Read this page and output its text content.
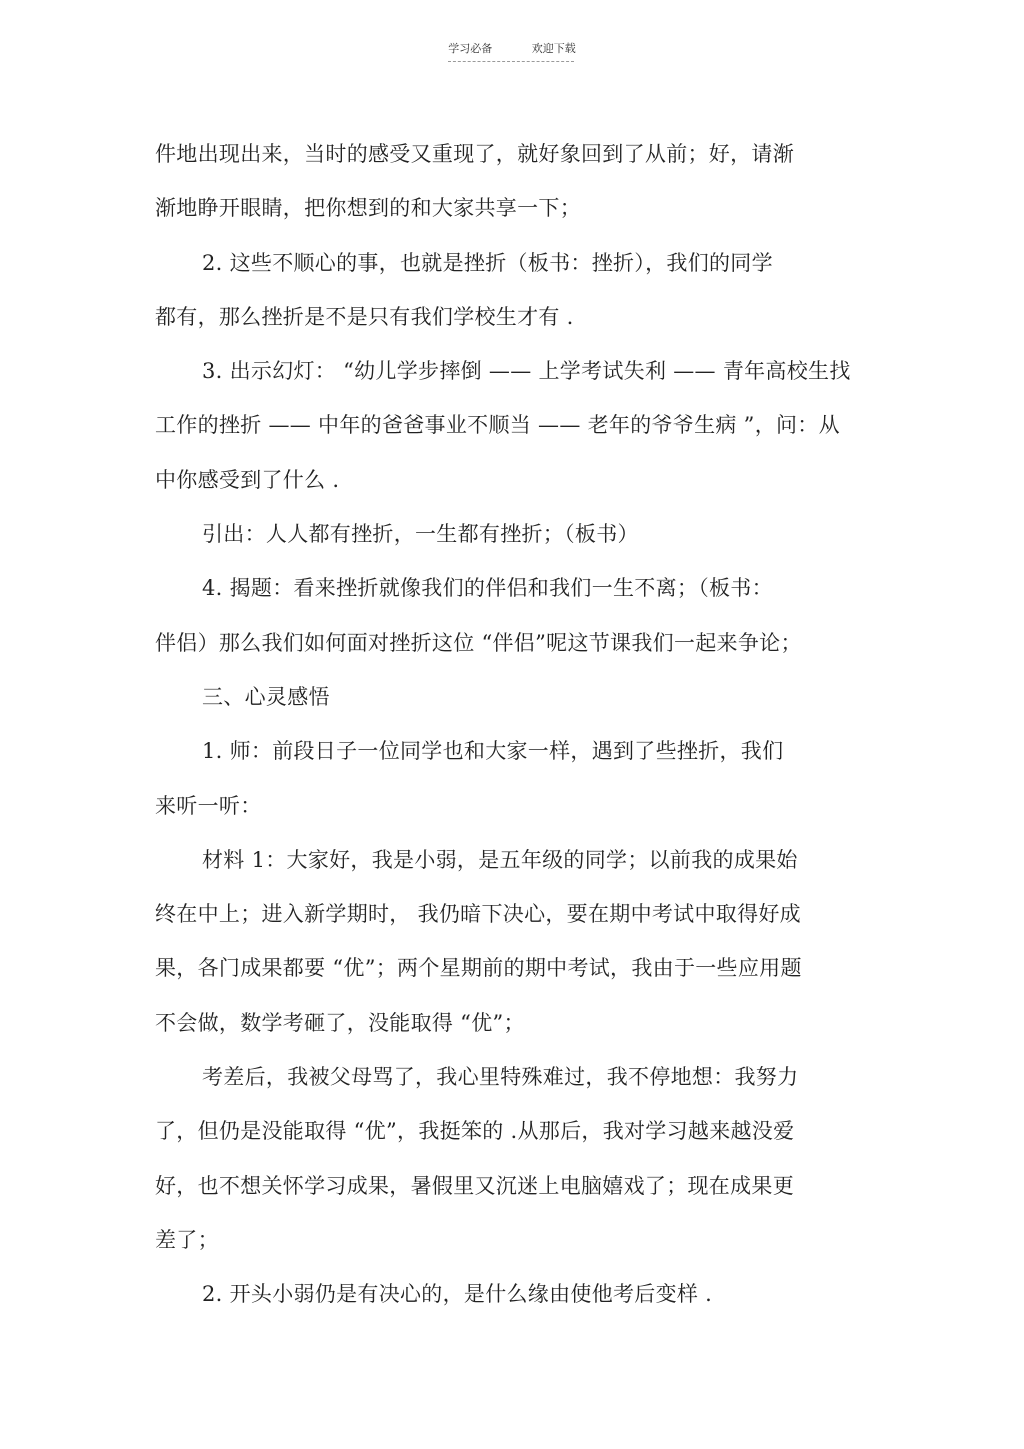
学习必备	欢迎下载
件地出现出来，当时的感受又重现了，就好象回到了从前；好，请渐
渐地睁开眼睛，把你想到的和大家共享一下；
2. 这些不顺心的事，也就是挫折（板书：挫折），我们的同学
都有，那么挫折是不是只有我们学校生才有 .
3. 出示幻灯： “幼儿学步摔倒 —— 上学考试失利 —— 青年高校生找
工作的挫折 —— 中年的爸爸事业不顺当 —— 老年的爷爷生病 ”，问：从
中你感受到了什么 .
引出：人人都有挫折，一生都有挫折；（板书）
4. 揭题：看来挫折就像我们的伴侣和我们一生不离；（板书：
伴侣）那么我们如何面对挫折这位 “伴侣”呢这节课我们一起来争论；
三、心灵感悟
1. 师：前段日子一位同学也和大家一样，遇到了些挫折，我们
来听一听：
材料 1：大家好，我是小弱，是五年级的同学；以前我的成果始
终在中上；进入新学期时， 我仍暗下决心，要在期中考试中取得好成
果，各门成果都要 “优”；两个星期前的期中考试，我由于一些应用题
不会做，数学考砸了，没能取得 “优”；
考差后，我被父母骂了，我心里特殊难过，我不停地想：我努力
了，但仍是没能取得 “优”，我挺笨的 .从那后，我对学习越来越没爱
好，也不想关怀学习成果，暑假里又沉迷上电脑嬉戏了；现在成果更
差了；
2. 开头小弱仍是有决心的，是什么缘由使他考后变样 .
